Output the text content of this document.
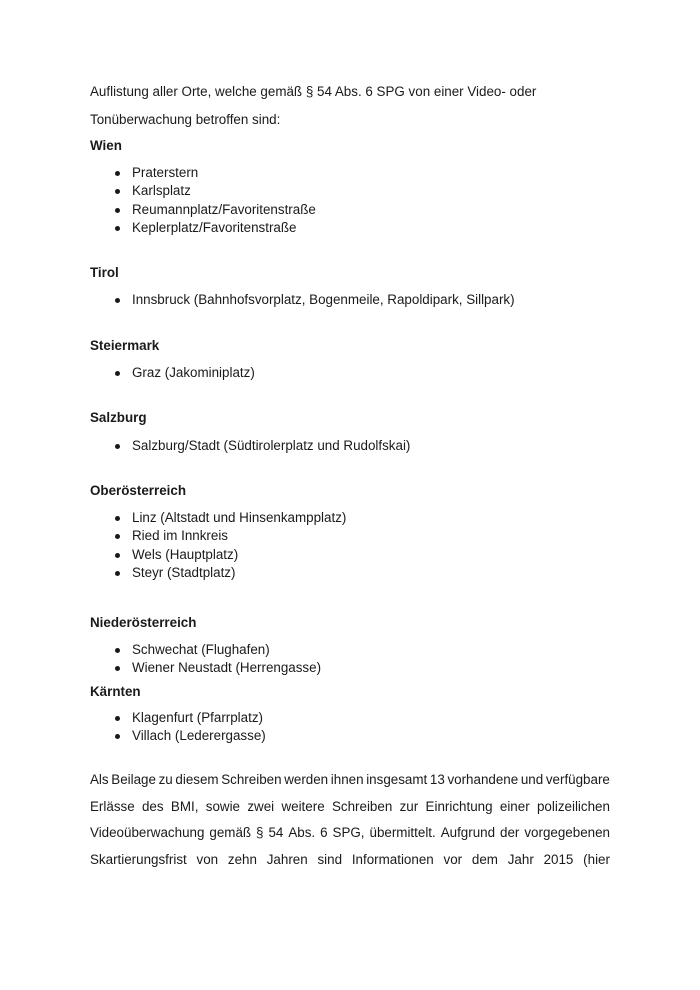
Auflistung aller Orte, welche gemäß § 54 Abs. 6 SPG von einer Video- oder

Tonüberwachung betroffen sind:

Wien

Praterstern
Karlsplatz
Reumannplatz/Favoritenstraße
Keplerplatz/Favoritenstraße

Tirol

Innsbruck (Bahnhofsvorplatz, Bogenmeile, Rapoldipark, Sillpark)

Steiermark

Graz (Jakominiplatz)

Salzburg

Salzburg/Stadt (Südtirolerplatz und Rudolfskai)

Oberösterreich

Linz (Altstadt und Hinsenkampplatz)
Ried im Innkreis
Wels (Hauptplatz)
Steyr (Stadtplatz)

Niederösterreich

Schwechat (Flughafen)
Wiener Neustadt (Herrengasse)

Kärnten

Klagenfurt (Pfarrplatz)
Villach (Lederergasse)
Als Beilage zu diesem Schreiben werden ihnen insgesamt 13 vorhandene und verfügbare
Erlässe des BMI, sowie zwei weitere Schreiben zur Einrichtung einer polizeilichen
Videoüberwachung gemäß § 54 Abs. 6 SPG, übermittelt. Aufgrund der vorgegebenen
Skartierungsfrist von zehn Jahren sind Informationen vor dem Jahr 2015 (hier
